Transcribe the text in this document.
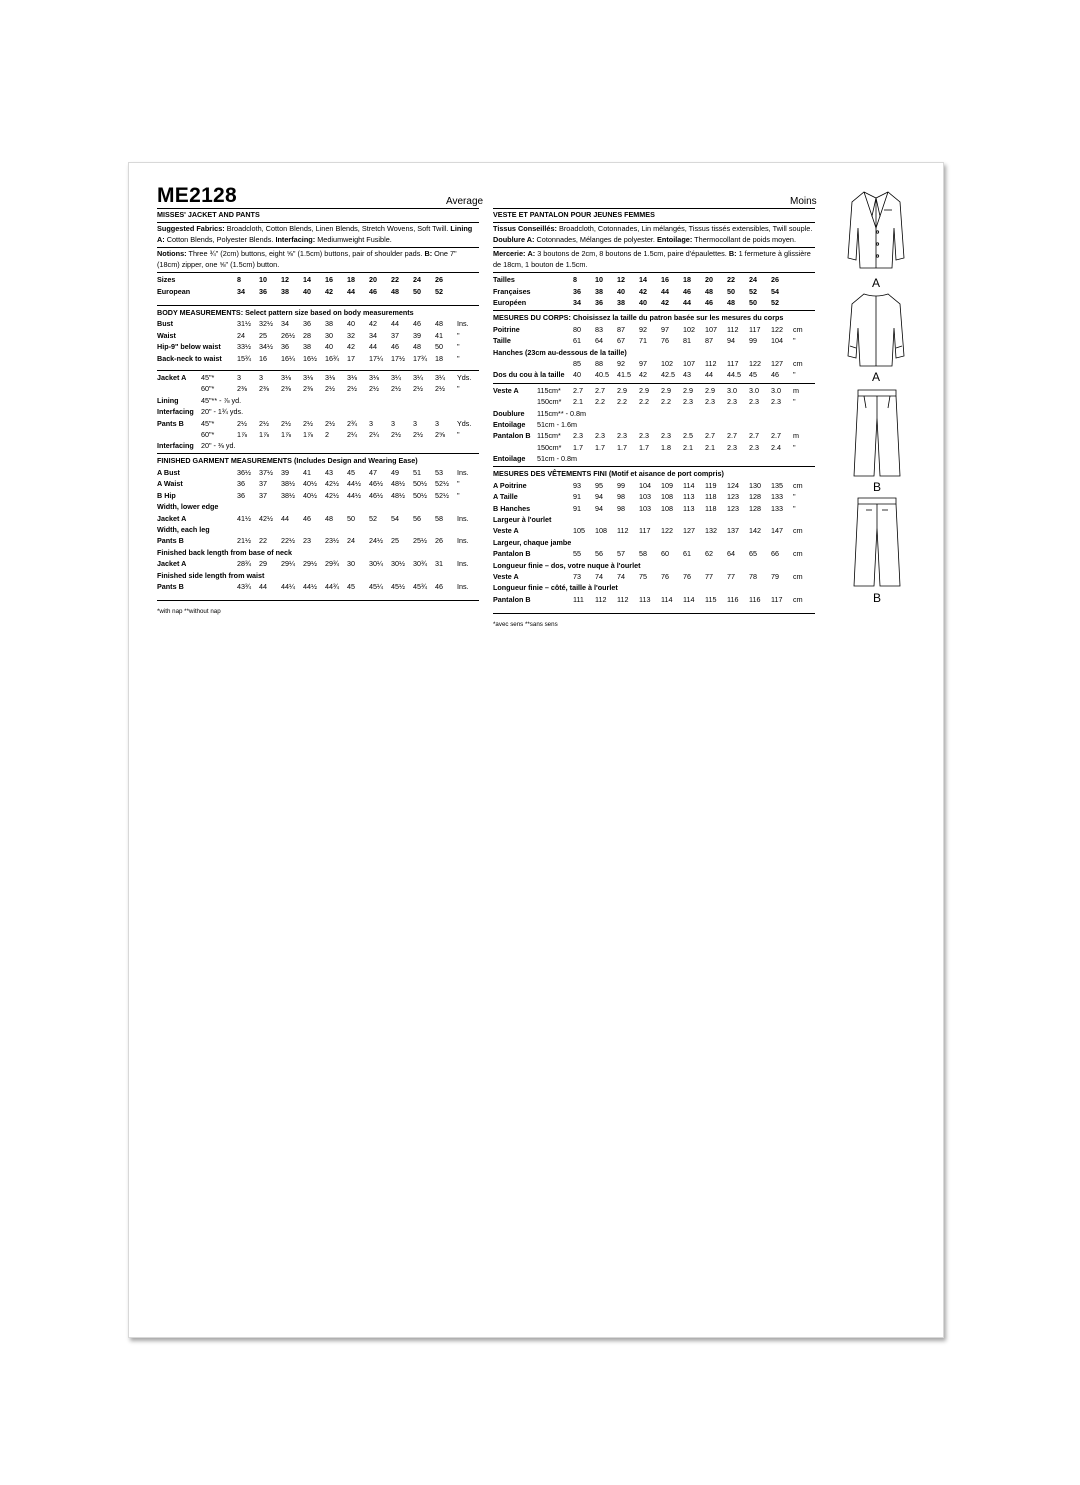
ME2128	Average	Moins
MISSES' JACKET AND PANTS

Suggested Fabrics: Broadcloth, Cotton Blends, Linen Blends, Stretch Wovens, Soft Twill. Lining A: Cotton Blends, Polyester Blends. Interfacing: Mediumweight Fusible.

Notions: Three ¾" (2cm) buttons, eight ⅝" (1.5cm) buttons, pair of shoulder pads. B: One 7" (18cm) zipper, one ⅝" (1.5cm) button.

Sizes	8	10	12	14	16	18	20	22	24	26	
European	34	36	38	40	42	44	46	48	50	52	
BODY MEASUREMENTS: Select pattern size based on body measurements
Bust	31½	32½	34	36	38	40	42	44	46	48	Ins.
Waist	24	25	26½	28	30	32	34	37	39	41	"
Hip-9" below waist	33½	34½	36	38	40	42	44	46	48	50	"
Back-neck to waist	15¾	16	16¼	16½	16¾	17	17¼	17½	17¾	18	"
Jacket A	45"*	3	3	3⅛	3⅛	3⅛	3⅛	3⅛	3¼	3¼	3¼	Yds.
	60"*	2⅜	2⅜	2⅜	2⅜	2½	2½	2½	2½	2½	2½	"
Lining	45"** - ⅞ yd.											
Interfacing	20" - 1¾ yds.											
Pants B	45"*	2½	2½	2½	2½	2½	2¾	3	3	3	3	Yds.
	60"*	1⅞	1⅞	1⅞	1⅞	2	2¼	2¼	2½	2½	2⅝	"
Interfacing	20" - ⅜ yd.											
FINISHED GARMENT MEASUREMENTS (Includes Design and Wearing Ease)
A Bust	36½	37½	39	41	43	45	47	49	51	53	Ins.
A Waist	36	37	38½	40½	42½	44½	46½	48½	50½	52½	"
B Hip	36	37	38½	40½	42½	44½	46½	48½	50½	52½	"
Width, lower edge											
Jacket A	41½	42½	44	46	48	50	52	54	56	58	Ins.
Width, each leg											
Pants B	21½	22	22½	23	23½	24	24½	25	25½	26	Ins.
Finished back length from base of neck											
Jacket A	28¾	29	29¼	29½	29¾	30	30¼	30½	30¾	31	Ins.
Finished side length from waist											
Pants B	43¾	44	44¼	44½	44¾	45	45¼	45½	45¾	46	Ins.
*with nap **without nap
VESTE ET PANTALON POUR JEUNES FEMMES

Tissus Conseillés: Broadcloth, Cotonnades, Lin mélangés, Tissus tissés extensibles, Twill souple.
Doublure A: Cotonnades, Mélanges de polyester. Entoilage: Thermocollant de poids moyen.

Mercerie: A: 3 boutons de 2cm, 8 boutons de 1.5cm, paire d'épaulettes. B: 1 fermeture à glissière de 18cm, 1 bouton de 1.5cm.

Tailles	8	10	12	14	16	18	20	22	24	26	
Françaises	36	38	40	42	44	46	48	50	52	54	
Européen	34	36	38	40	42	44	46	48	50	52	
MESURES DU CORPS: Choisissez la taille du patron basée sur les mesures du corps
Poitrine	80	83	87	92	97	102	107	112	117	122	cm
Taille	61	64	67	71	76	81	87	94	99	104	"
Hanches (23cm au-dessous de la taille)											
	85	88	92	97	102	107	112	117	122	127	cm
Dos du cou à la taille	40	40.5	41.5	42	42.5	43	44	44.5	45	46	"
Veste A	115cm*	2.7	2.7	2.9	2.9	2.9	2.9	2.9	3.0	3.0	3.0	m
	150cm*	2.1	2.2	2.2	2.2	2.2	2.3	2.3	2.3	2.3	2.3	"
Doublure	115cm** - 0.8m											
Entoilage	51cm - 1.6m											
Pantalon B	115cm*	2.3	2.3	2.3	2.3	2.3	2.5	2.7	2.7	2.7	2.7	m
	150cm*	1.7	1.7	1.7	1.7	1.8	2.1	2.1	2.3	2.3	2.4	"
Entoilage	51cm - 0.8m											
MESURES DES VÊTEMENTS FINI (Motif et aisance de port compris)
A Poitrine	93	95	99	104	109	114	119	124	130	135	cm
A Taille	91	94	98	103	108	113	118	123	128	133	"
B Hanches	91	94	98	103	108	113	118	123	128	133	"
Largeur à l'ourlet											
Veste A	105	108	112	117	122	127	132	137	142	147	cm
Largeur, chaque jambe											
Pantalon B	55	56	57	58	60	61	62	64	65	66	cm
Longueur finie – dos, votre nuque à l'ourlet											
Veste A	73	74	74	75	76	76	77	77	78	79	cm
Longueur finie – côté, taille à l'ourlet											
Pantalon B	111	112	112	113	114	114	115	116	116	117	cm
*avec sens **sans sens
A
A
B
B
